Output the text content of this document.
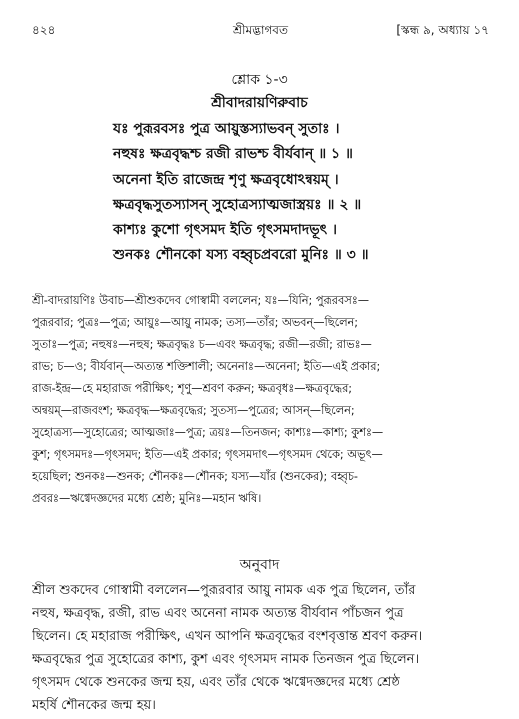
৪২৪	শ্রীমদ্ভাগবত	[স্কন্ধ ৯, অধ্যায় ১৭
শ্লোক ১-৩
শ্রীবাদরায়ণিরুবাচ
যঃ পুরূরবসঃ পুত্র আয়ুস্তস্যাভবন্ সুতাঃ ।
নহুষঃ ক্ষত্রবৃদ্ধশ্চ রজী রাভশ্চ বীর্যবান্ ॥ ১ ॥
অনেনা ইতি রাজেন্দ্র শৃণু ক্ষত্রবৃধোঽন্বয়ম্ ।
ক্ষত্রবৃদ্ধসুতস্যাসন্ সুহোত্রস্যাত্মজাস্ত্রয়ঃ ॥ ২ ॥
কাশ্যঃ কুশো গৃৎসমদ ইতি গৃৎসমদাদভূৎ ।
শুনকঃ শৌনকো যস্য বহ্বৃচপ্রবরো মুনিঃ ॥ ৩ ॥
শ্রী-বাদরায়ণিঃ উবাচ—শ্রীশুকদেব গোস্বামী বললেন; যঃ—যিনি; পুরূরবসঃ—
পুরূরবার; পুত্রঃ—পুত্র; আয়ুঃ—আয়ু নামক; তস্য—তাঁর; অভবন্—ছিলেন;
সুতাঃ—পুত্র; নহুষঃ—নহুষ; ক্ষত্রবৃদ্ধঃ চ—এবং ক্ষত্রবৃদ্ধ; রজী—রজী; রাভঃ—
রাভ; চ—ও; বীর্যবান্—অত্যন্ত শক্তিশালী; অনেনাঃ—অনেনা; ইতি—এই প্রকার;
রাজ-ইন্দ্র—হে মহারাজ পরীক্ষিৎ; শৃণু—শ্রবণ করুন; ক্ষত্রবৃধঃ—ক্ষত্রবৃদ্ধের;
অন্বয়ম্—রাজবংশ; ক্ষত্রবৃদ্ধ—ক্ষত্রবৃদ্ধের; সুতস্য—পুত্রের; আসন্—ছিলেন;
সুহোত্রস্য—সুহোত্রের; আত্মজাঃ—পুত্র; ত্রয়ঃ—তিনজন; কাশ্যঃ—কাশ্য; কুশঃ—
কুশ; গৃৎসমদঃ—গৃৎসমদ; ইতি—এই প্রকার; গৃৎসমদাৎ—গৃৎসমদ থেকে; অভূৎ—
হয়েছিল; শুনকঃ—শুনক; শৌনকঃ—শৌনক; যস্য—যাঁর (শুনকের); বহ্বৃচ-
প্রবরঃ—ঋগ্বেদজ্ঞদের মধ্যে শ্রেষ্ঠ; মুনিঃ—মহান ঋষি।
অনুবাদ
শ্রীল শুকদেব গোস্বামী বললেন—পুরূরবার আয়ু নামক এক পুত্র ছিলেন, তাঁর
নহুষ, ক্ষত্রবৃদ্ধ, রজী, রাভ এবং অনেনা নামক অত্যন্ত বীর্যবান পাঁচজন পুত্র
ছিলেন। হে মহারাজ পরীক্ষিৎ, এখন আপনি ক্ষত্রবৃদ্ধের বংশবৃত্তান্ত শ্রবণ করুন।
ক্ষত্রবৃদ্ধের পুত্র সুহোত্রের কাশ্য, কুশ এবং গৃৎসমদ নামক তিনজন পুত্র ছিলেন।
গৃৎসমদ থেকে শুনকের জন্ম হয়, এবং তাঁর থেকে ঋগ্বেদজ্ঞদের মধ্যে শ্রেষ্ঠ
মহর্ষি শৌনকের জন্ম হয়।
